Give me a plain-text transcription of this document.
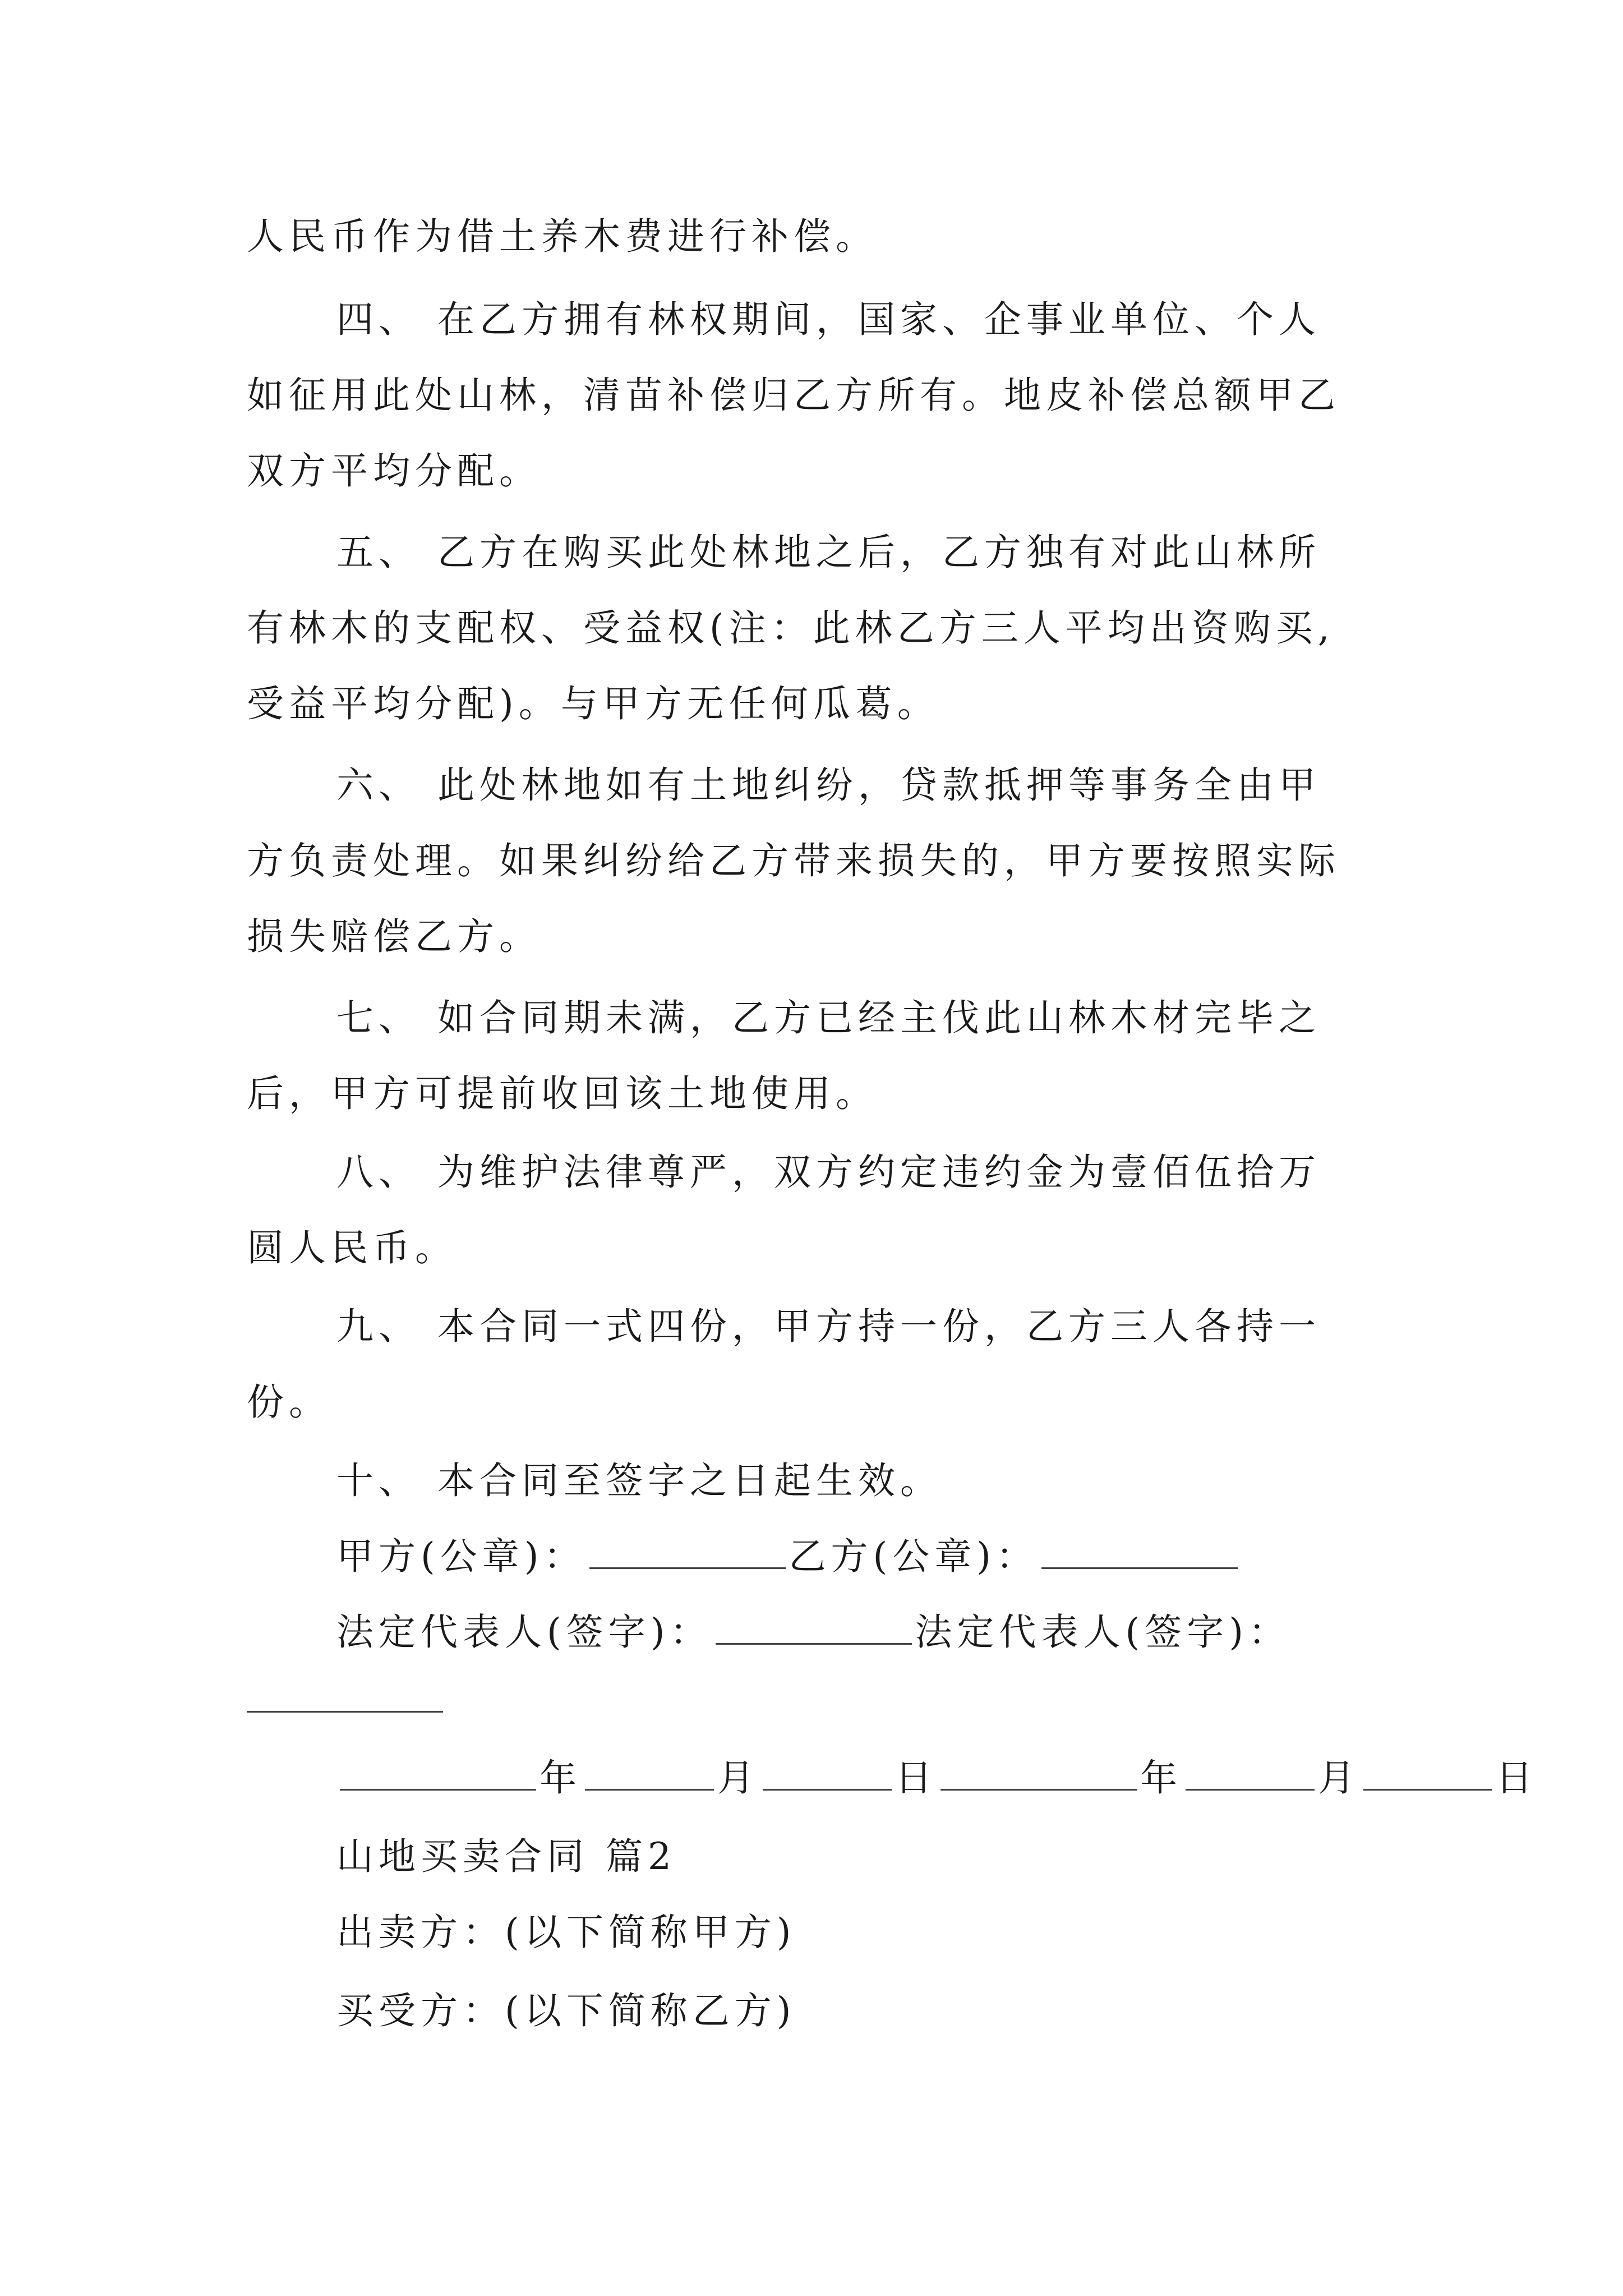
人民币作为借土养木费进行补偿。
四、 在乙方拥有林权期间，国家、企事业单位、个人
如征用此处山林，清苗补偿归乙方所有。地皮补偿总额甲乙
双方平均分配。
五、 乙方在购买此处林地之后，乙方独有对此山林所
有林木的支配权、受益权(注：此林乙方三人平均出资购买,
受益平均分配)。与甲方无任何瓜葛。
六、 此处林地如有土地纠纷，贷款抵押等事务全由甲
方负责处理。如果纠纷给乙方带来损失的，甲方要按照实际
损失赔偿乙方。
七、 如合同期未满，乙方已经主伐此山林木材完毕之
后，甲方可提前收回该土地使用。
八、 为维护法律尊严，双方约定违约金为壹佰伍拾万
圆人民币。
九、 本合同一式四份，甲方持一份，乙方三人各持一
份。
十、 本合同至签字之日起生效。
甲方(公章)：	乙方(公章)：
法定代表人(签字)：	法定代表人(签字)：
年	月	日	年	月	日
山地买卖合同 篇2
出卖方：(以下简称甲方)
买受方：(以下简称乙方)
